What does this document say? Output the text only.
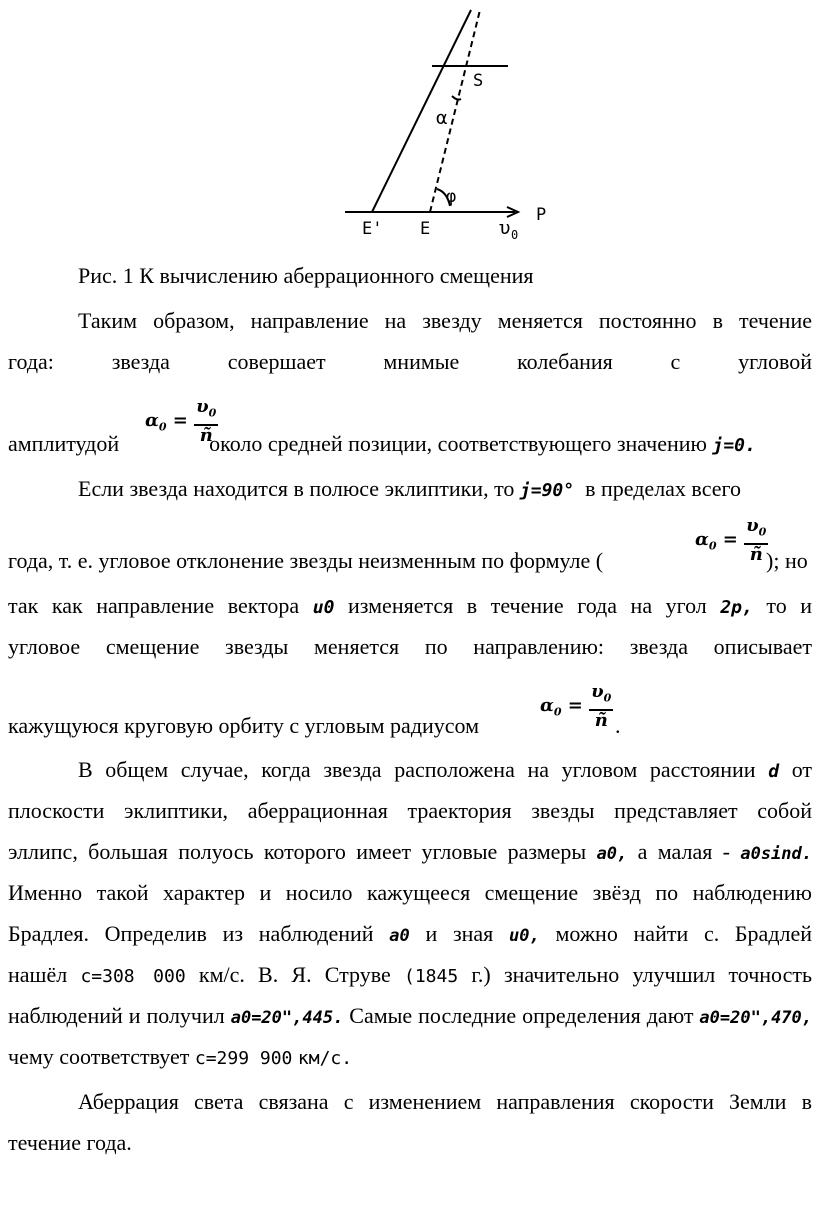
S
α
φ
E' E	υ 0
P
Рис. 1 К вычислению аберрационного смещения
Таким образом, направление на звезду меняется постоянно в течение
года: звезда совершает мнимые колебания с угловой
$\alpha_0 = \frac{\upsilon_0}{ñ}$
амплитудой	около средней позиции, соответствующего значению j=0.
Если звезда находится в полюсе эклиптики, то j=90° в пределах всего
$\alpha_0 = \frac{\upsilon_0}{ñ}$
года, т. е. угловое отклонение звезды неизменным по формуле (	); но
так как направление вектора u0 изменяется в течение года на угол 2p, то и
угловое смещение звезды меняется по направлению: звезда описывает
$\alpha_0 = \frac{\upsilon_0}{ñ}$
кажущуюся круговую орбиту с угловым радиусом	.
В общем случае, когда звезда расположена на угловом расстоянии d от
плоскости эклиптики, аберрационная траектория звезды представляет собой
эллипс, большая полуось которого имеет угловые размеры a0, а малая - a0sind.
Именно такой характер и носило кажущееся смещение звёзд по наблюдению
Брадлея. Определив из наблюдений a0 и зная u0, можно найти с. Брадлей
нашёл c=308 000 км/с. В. Я. Струве (1845 г.) значительно улучшил точность
наблюдений и получил a0=20",445. Самые последние определения дают a0=20",470,
чему соответствует c=299 900 км/с.
Аберрация света связана с изменением направления скорости Земли в
течение года.
